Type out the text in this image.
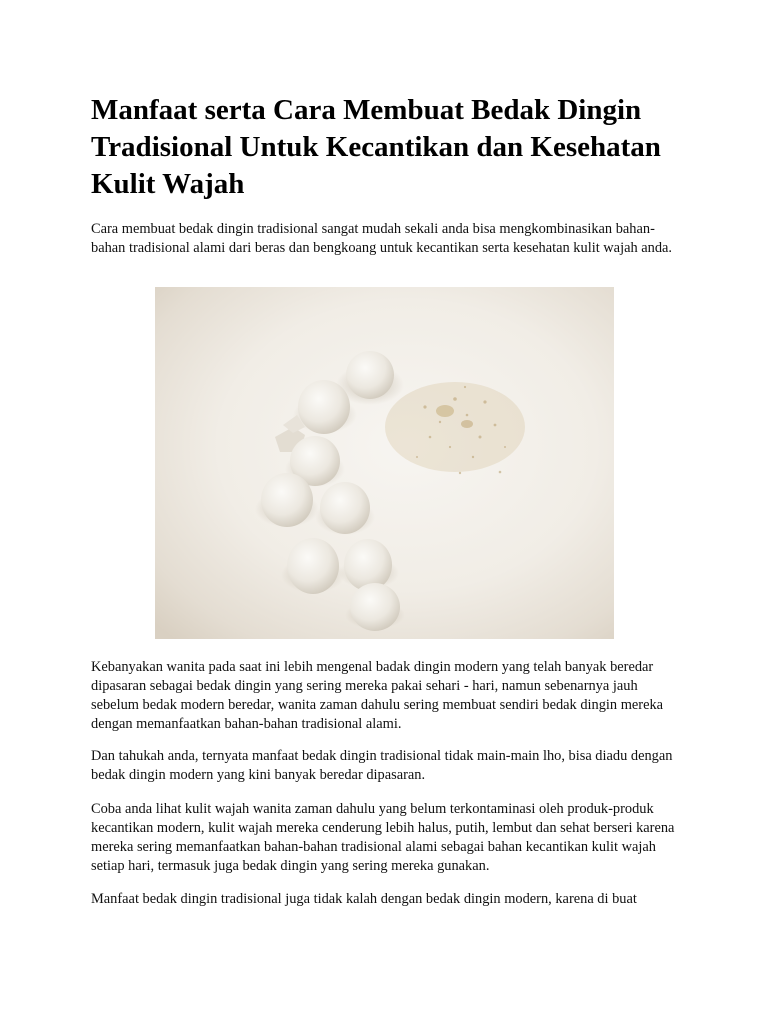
Manfaat serta Cara Membuat Bedak Dingin Tradisional Untuk Kecantikan dan Kesehatan Kulit Wajah

Cara membuat bedak dingin tradisional sangat mudah sekali anda bisa mengkombinasikan bahan-bahan tradisional alami dari beras dan bengkoang untuk kecantikan serta kesehatan kulit wajah anda.

Kebanyakan wanita pada saat ini lebih mengenal badak dingin modern yang telah banyak beredar dipasaran sebagai bedak dingin yang sering mereka pakai sehari - hari, namun sebenarnya jauh sebelum bedak modern beredar, wanita zaman dahulu sering membuat sendiri bedak dingin mereka dengan memanfaatkan bahan-bahan tradisional alami.

Dan tahukah anda, ternyata manfaat bedak dingin tradisional tidak main-main lho, bisa diadu dengan bedak dingin modern yang kini banyak beredar dipasaran.

Coba anda lihat kulit wajah wanita zaman dahulu yang belum terkontaminasi oleh produk-produk kecantikan modern, kulit wajah mereka cenderung lebih halus, putih, lembut dan sehat berseri karena mereka sering memanfaatkan bahan-bahan tradisional alami sebagai bahan kecantikan kulit wajah setiap hari, termasuk juga bedak dingin yang sering mereka gunakan.

Manfaat bedak dingin tradisional juga tidak kalah dengan bedak dingin modern, karena di buat
